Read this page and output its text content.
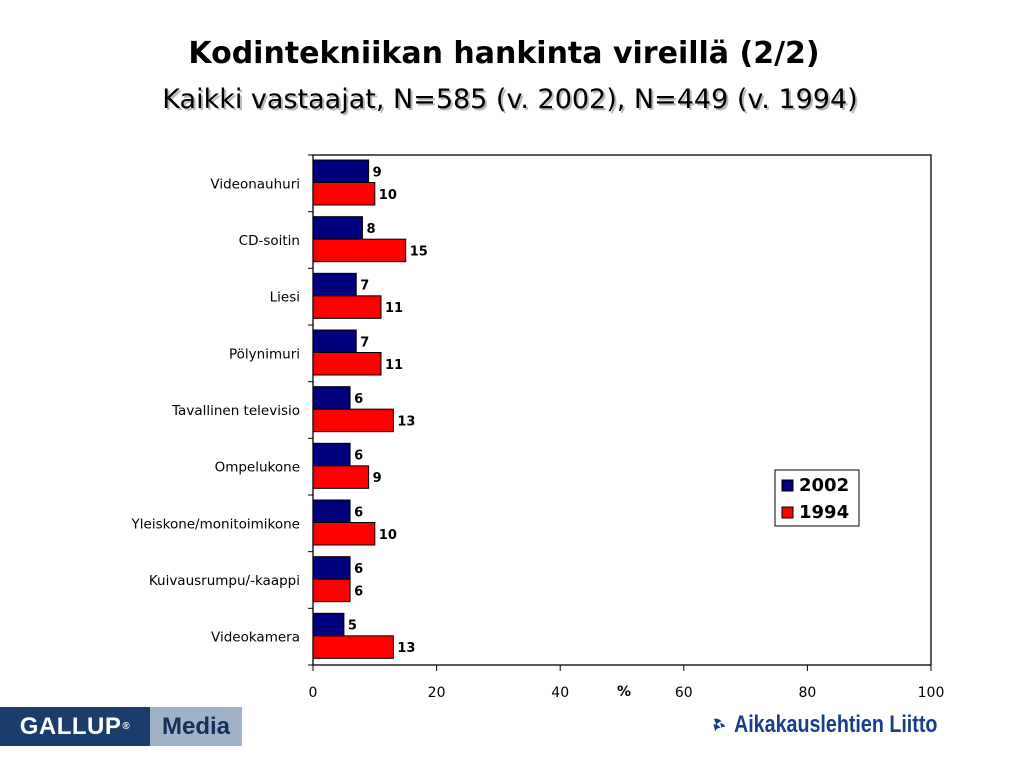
Kodintekniikan hankinta vireillä (2/2)
Kaikki vastaajat, N=585 (v. 2002), N=449 (v. 1994)
Videonauhuri
CD-soitin
Liesi
Pölynimuri
Tavallinen televisio
Ompelukone
Yleiskone/monitoimikone
Kuivausrumpu/-kaappi
Videokamera
0	20	40	60	80	100
%
9
10
8
15
7
11
7
11
6
13
6
9
6
10
6
6
5
13
2002
1994
GALLUP ®	Media	Aikakauslehtien Liitto
